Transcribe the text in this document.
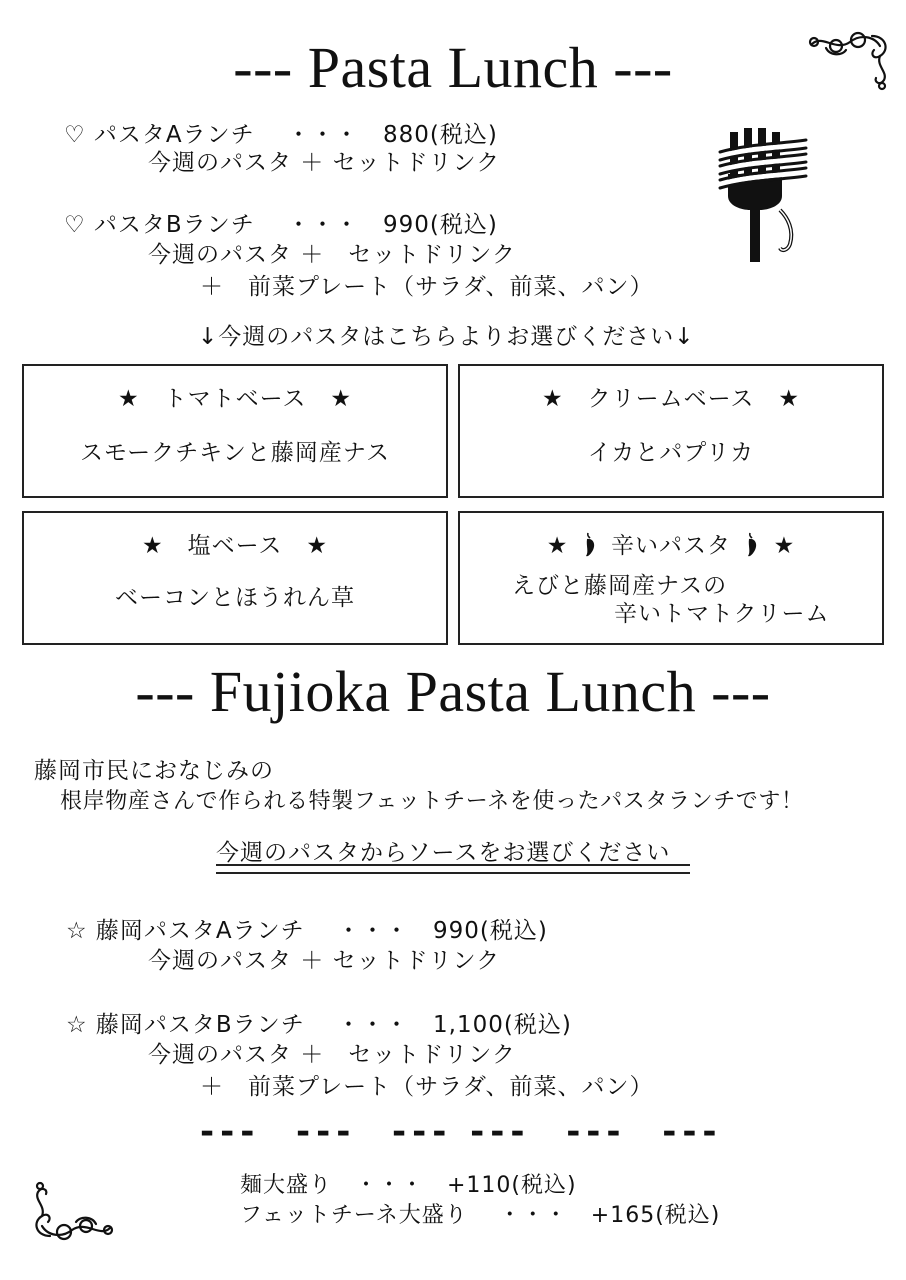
--- Pasta Lunch ---
♡ パスタAランチ　 ・・・　880(税込)
今週のパスタ ＋ セットドリンク
♡ パスタBランチ　 ・・・　990(税込)
今週のパスタ ＋　セットドリンク
＋　前菜プレート（サラダ、前菜、パン）
↓今週のパスタはこちらよりお選びください↓
★　トマトベース　★
スモークチキンと藤岡産ナス
★　クリームベース　★
イカとパプリカ
★　塩ベース　★
ベーコンとほうれん草
★ 辛いパスタ ★
えびと藤岡産ナスの
辛いトマトクリーム
--- Fujioka Pasta Lunch ---
藤岡市民におなじみの
根岸物産さんで作られる特製フェットチーネを使ったパスタランチです！
今週のパスタからソースをお選びください
☆ 藤岡パスタAランチ　 ・・・　990(税込)
今週のパスタ ＋ セットドリンク
☆ 藤岡パスタBランチ　 ・・・　1,100(税込)
今週のパスタ ＋　セットドリンク
＋　前菜プレート（サラダ、前菜、パン）
---  ---  --- ---  ---  ---
麺大盛り　・・・　+110(税込)
フェットチーネ大盛り　 ・・・　+165(税込)
